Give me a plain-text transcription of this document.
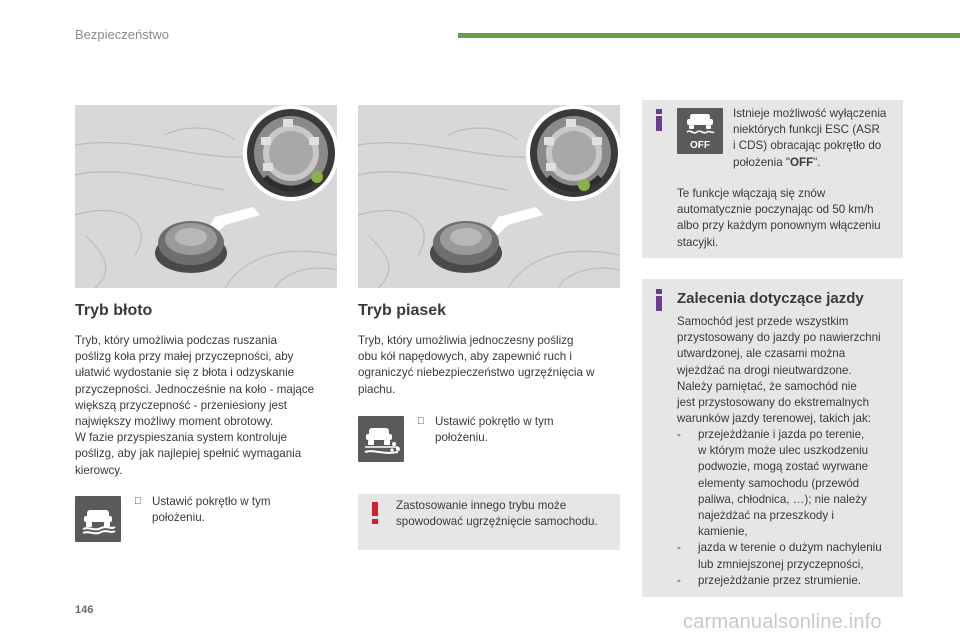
Bezpieczeństwo
Tryb błoto
Tryb, który umożliwia podczas ruszania
poślizg koła przy małej przyczepności, aby
ułatwić wydostanie się z błota i odzyskanie
przyczepności. Jednocześnie na koło - mające
większą przyczepność - przeniesiony jest
największy możliwy moment obrotowy.
W fazie przyspieszania system kontroluje
poślizg, aby jak najlepiej spełnić wymagania
kierowcy.
Ustawić pokrętło w tym
położeniu.
Tryb piasek
Tryb, który umożliwia jednoczesny poślizg
obu kół napędowych, aby zapewnić ruch i
ograniczyć niebezpieczeństwo ugrzęźnięcia w
piachu.
Ustawić pokrętło w tym
położeniu.
Zastosowanie innego trybu może
spowodować ugrzęźnięcie samochodu.
OFF
Istnieje możliwość wyłączenia
niektórych funkcji ESC (ASR
i CDS) obracając pokrętło do
położenia "OFF".
Te funkcje włączają się znów
automatycznie poczynając od 50 km/h
albo przy każdym ponownym włączeniu
stacyjki.
Zalecenia dotyczące jazdy
Samochód jest przede wszystkim
przystosowany do jazdy po nawierzchni
utwardzonej, ale czasami można
wjeżdżać na drogi nieutwardzone.
Należy pamiętać, że samochód nie
jest przystosowany do ekstremalnych
warunków jazdy terenowej, takich jak:
- przejeżdżanie i jazda po terenie,
w którym może ulec uszkodzeniu
podwozie, mogą zostać wyrwane
elementy samochodu (przewód
paliwa, chłodnica, …); nie należy
najeżdżać na przeszkody i
kamienie,
- jazda w terenie o dużym nachyleniu
lub zmniejszonej przyczepności,
- przejeżdżanie przez strumienie.
146
carmanualsonline.info
